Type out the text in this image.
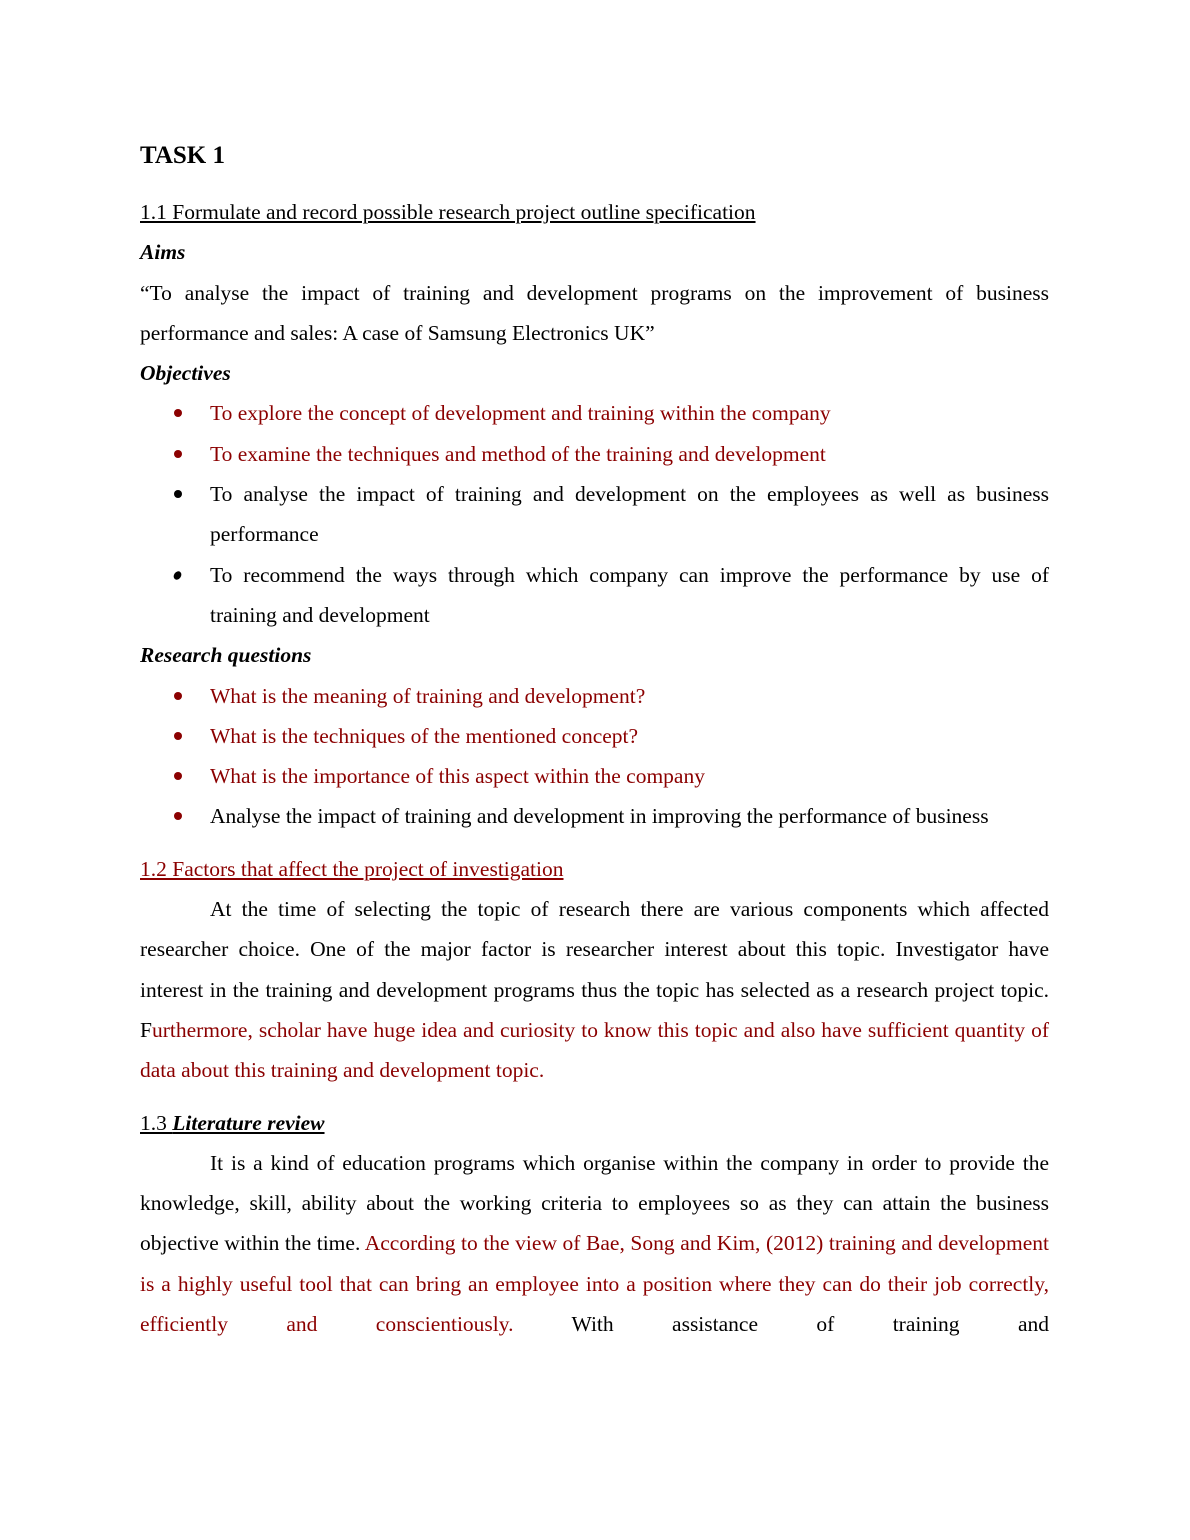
TASK 1

1.1 Formulate and record possible research project outline specification

Aims

“To analyse the impact of training and development programs on the improvement of business performance and sales: A case of Samsung Electronics UK”

Objectives

To explore the concept of development and training within the company
To examine the techniques and method of the training and development
To analyse the impact of training and development on the employees as well as business performance
To recommend the ways through which company can improve the performance by use of training and development

Research questions

What is the meaning of training and development?
What is the techniques of the mentioned concept?
What is the importance of this aspect within the company
Analyse the impact of training and development in improving the performance of business

1.2 Factors that affect the project of investigation

At the time of selecting the topic of research there are various components which affected researcher choice. One of the major factor is researcher interest about this topic. Investigator have interest in the training and development programs thus the topic has selected as a research project topic. Furthermore, scholar have huge idea and curiosity to know this topic and also have sufficient quantity of data about this training and development topic.

1.3 Literature review

It is a kind of education programs which organise within the company in order to provide the knowledge, skill, ability about the working criteria to employees so as they can attain the business objective within the time. According to the view of Bae, Song and Kim, (2012) training and development is a highly useful tool that can bring an employee into a position where they can do their job correctly, efficiently and conscientiously. With assistance of training and
